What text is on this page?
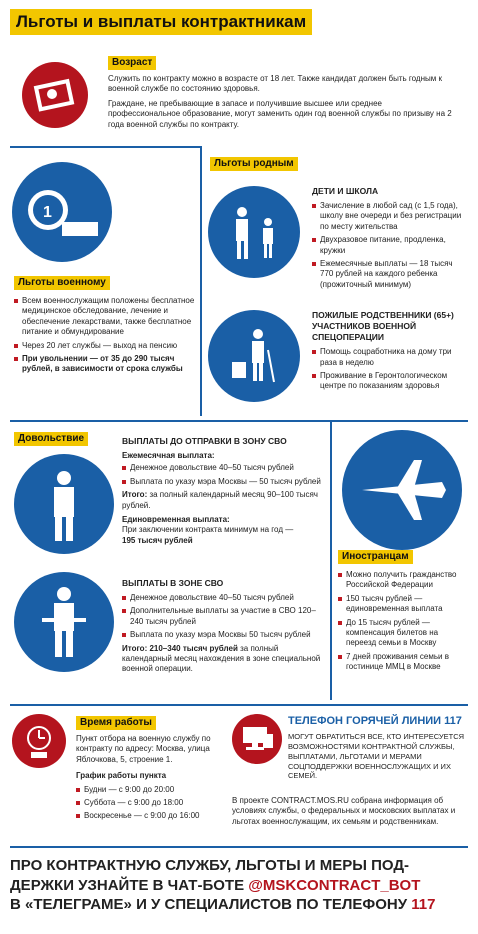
Льготы и выплаты контрактникам
Возраст

Служить по контракту можно в возрасте от 18 лет. Также кандидат должен быть годным к военной службе по состоянию здоровья.

Граждане, не пребывающие в запасе и получившие высшее или среднее профессиональное образование, могут заменить один год военной службы по призыву на 2 года военной службы по контракту.

1
Льготы военному
Всем военнослужащим положены бесплатное медицинское обследование, лечение и обеспечение лекарствами, также бесплатное питание и обмундирование
Через 20 лет службы — выход на пенсию
При увольнении — от 35 до 290 тысяч рублей, в зависимости от срока службы
Льготы родным
ДЕТИ И ШКОЛА
Зачисление в любой сад (с 1,5 года), школу вне очереди и без регистрации по месту жительства
Двухразовое питание, продленка, кружки
Ежемесячные выплаты — 18 тысяч 770 рублей на каждого ребенка (прожиточный минимум)
ПОЖИЛЫЕ РОДСТВЕННИКИ (65+) УЧАСТНИКОВ ВОЕННОЙ СПЕЦОПЕРАЦИИ
Помощь соцработника на дому три раза в неделю
Проживание в Геронтологическом центре по показаниям здоровья
Довольствие	ВЫПЛАТЫ ДО ОТПРАВКИ В ЗОНУ СВО
Ежемесячная выплата:
Денежное довольствие 40–50 тысяч рублей
Выплата по указу мэра Москвы — 50 тысяч рублей
Итого: за полный календарный месяц 90–100 тысяч рублей.
Единовременная выплата:
При заключении контракта минимум на год —
195 тысяч рублей
ВЫПЛАТЫ В ЗОНЕ СВО
Денежное довольствие 40–50 тысяч рублей
Дополнительные выплаты за участие в СВО 120–240 тысяч рублей
Выплата по указу мэра Москвы 50 тысяч рублей
Итого: 210–340 тысяч рублей за полный календарный месяц нахождения в зоне специальной военной операции.
Иностранцам
Можно получить гражданство Российской Федерации
150 тысяч рублей — единовременная выплата
До 15 тысяч рублей — компенсация билетов на переезд семьи в Москву
7 дней проживания семьи в гостинице ММЦ в Москве
Время работы

Пункт отбора на военную службу по контракту по адресу: Москва, улица Яблочкова, 5, строение 1.

График работы пункта
Будни — с 9:00 до 20:00
Суббота — с 9:00 до 18:00
Воскресенье — с 9:00 до 16:00
ТЕЛЕФОН ГОРЯЧЕЙ ЛИНИИ 117

МОГУТ ОБРАТИТЬСЯ ВСЕ, КТО ИНТЕРЕСУЕТСЯ ВОЗМОЖНОСТЯМИ КОНТРАКТНОЙ СЛУЖБЫ, ВЫПЛАТАМИ, ЛЬГОТАМИ И МЕРАМИ СОЦПОДДЕРЖКИ ВОЕННОСЛУЖАЩИХ И ИХ СЕМЕЙ.

В проекте CONTRACT.MOS.RU собрана информация об условиях службы, о федеральных и московских выплатах и льготах военнослужащим, их семьям и родственникам.

ПРО КОНТРАКТНУЮ СЛУЖБУ, ЛЬГОТЫ И МЕРЫ ПОД-
ДЕРЖКИ УЗНАЙТЕ В ЧАТ-БОТЕ @MSKCONTRACT_BOT
В «ТЕЛЕГРАМЕ» И У СПЕЦИАЛИСТОВ ПО ТЕЛЕФОНУ 117
